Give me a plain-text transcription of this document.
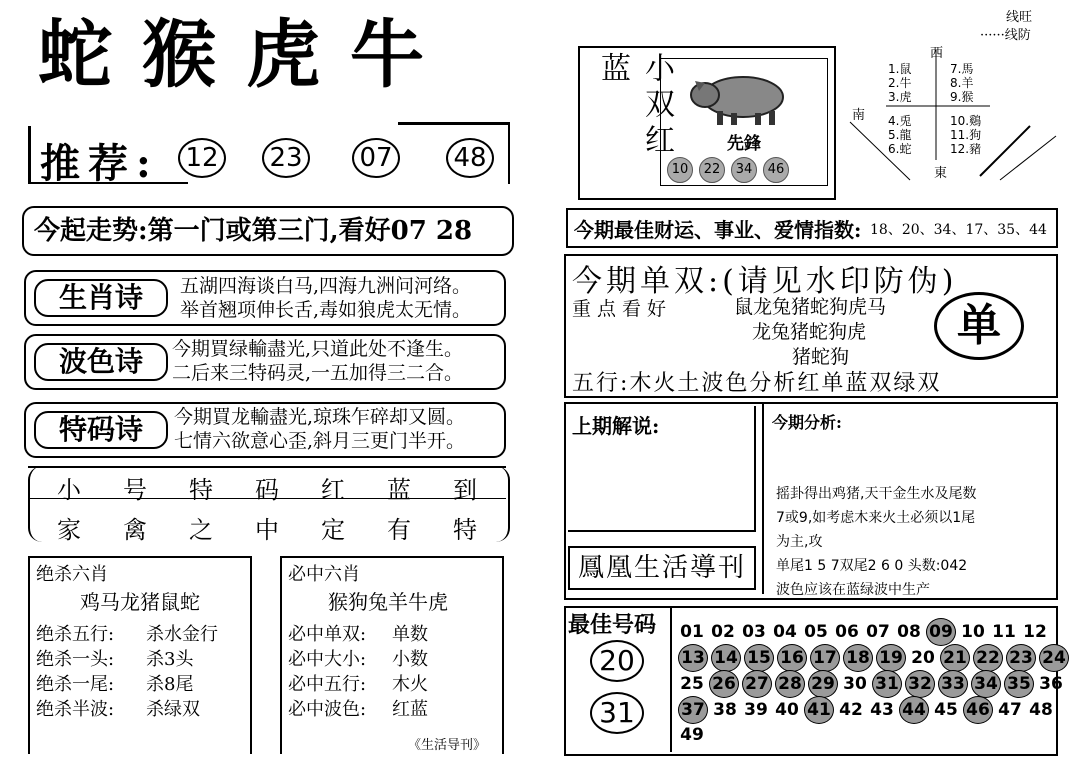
蛇猴虎牛
推荐: 12 23 07 48
今起走势:第一门或第三门,看好07 28
生肖诗	五湖四海谈白马,四海九洲问河络。
举首翘项伸长舌,毒如狼虎太无情。
波色诗	今期買绿輸盡光,只道此处不逢生。
二后来三特码灵,一五加得三二合。
特码诗	今期買龙輸盡光,琼珠乍碎却又圆。
七情六欲意心歪,斜月三更门半开。
小 号 特 码 红 蓝 到
家 禽 之 中 定 有 特
绝杀六肖
鸡马龙猪鼠蛇
绝杀五行: 杀水金行
绝杀一头: 杀3头
绝杀一尾: 杀8尾
绝杀半波: 杀绿双
必中六肖
猴狗兔羊牛虎
必中单双: 单数
必中大小: 小数
必中五行: 木火
必中波色: 红蓝
《生活导刊》
线旺
······线防
小双红蓝
先鋒
10 22 34 46
西
南
東
1.鼠
2.牛
3.虎
4.兎
5.龍
6.蛇
7.馬
8.羊
9.猴
10.鷄
11.狗
12.豬
今期最佳财运、事业、爱情指数: 18、20、34、17、35、44
今期单双:(请见水印防伪)
重点看好	鼠龙兔猪蛇狗虎马
龙兔猪蛇狗虎
猪蛇狗
单
五行:木火土波色分析红单蓝双绿双
上期解说:
鳳凰生活導刊
今期分析:
摇卦得出鸡猪,天干金生水及尾数
7或9,如考虑木来火土必须以1尾
为主,攻
单尾1 5 7双尾2 6 0 头数:042
波色应该在蓝绿波中生产
最佳号码
20
31
01 02 03 04 05 06 07 08 09 10 11 12
13 14 15 16 17 18 19 20 21 22 23 24
25 26 27 28 29 30 31 32 33 34 35 36
37 38 39 40 41 42 43 44 45 46 47 48
49
